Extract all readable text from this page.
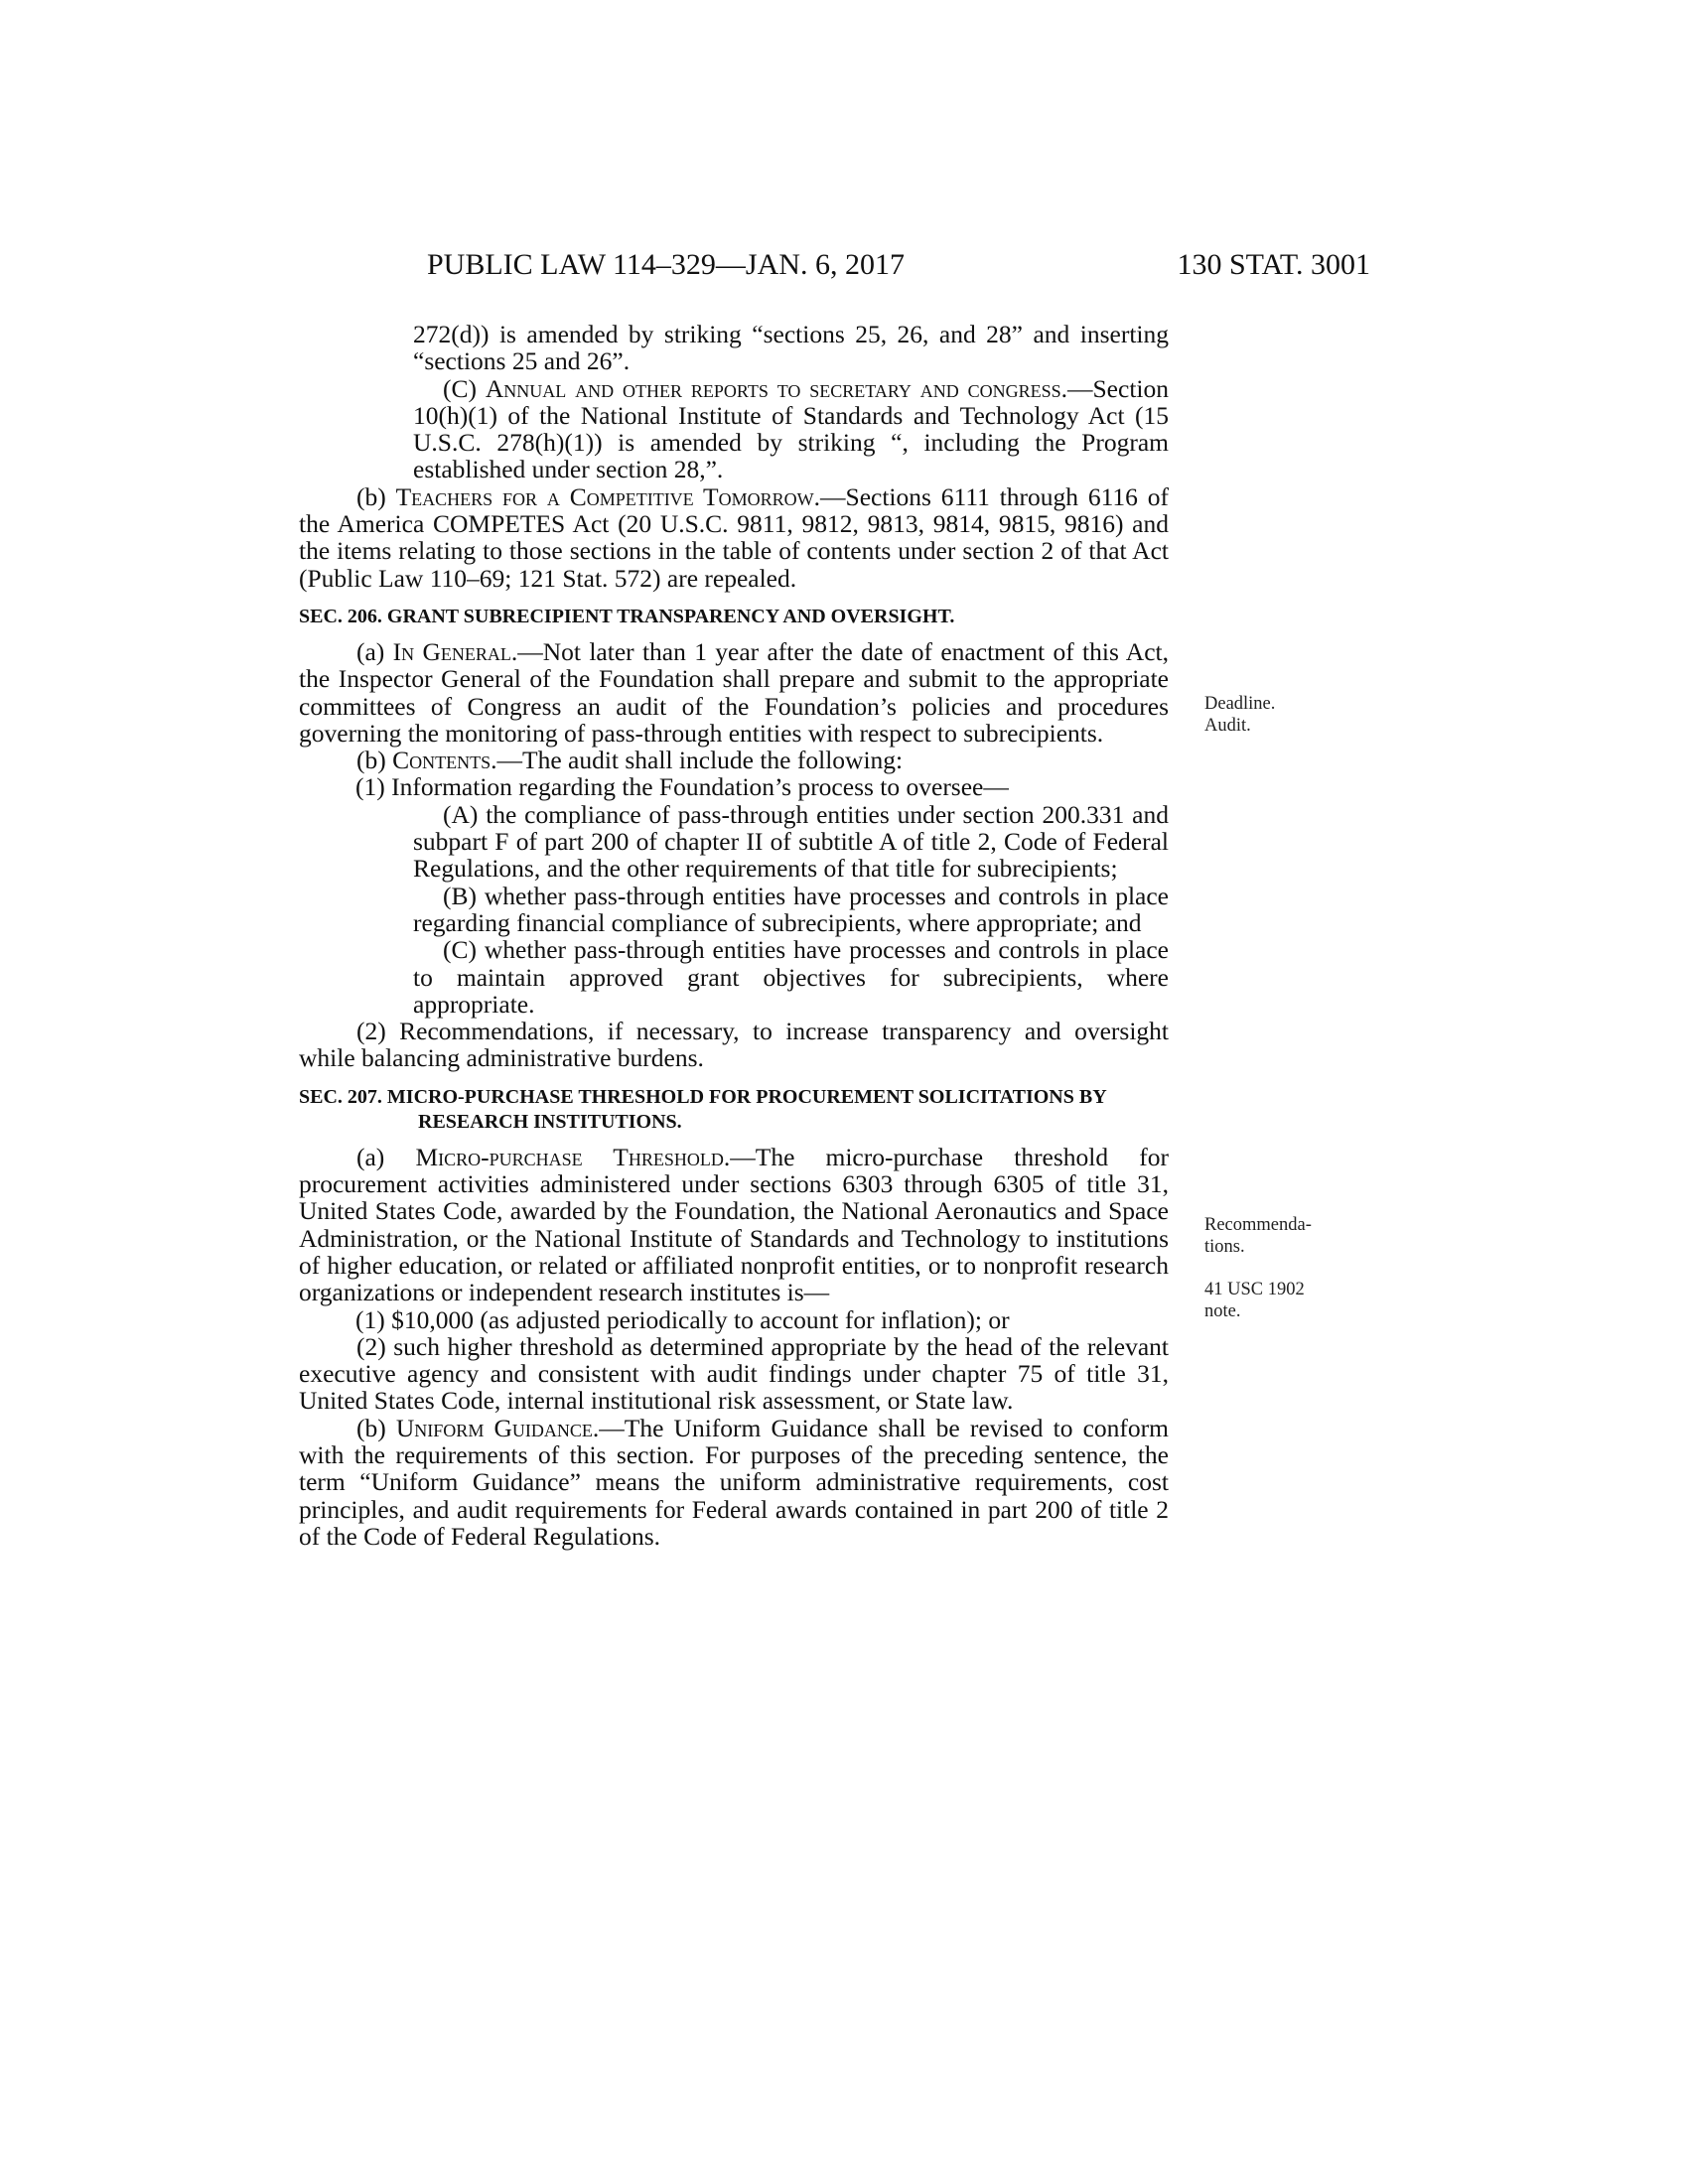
PUBLIC LAW 114–329—JAN. 6, 2017	130 STAT. 3001

272(d)) is amended by striking “sections 25, 26, and 28” and inserting “sections 25 and 26”.

(C) Annual and other reports to secretary and congress.—Section 10(h)(1) of the National Institute of Standards and Technology Act (15 U.S.C. 278(h)(1)) is amended by striking “, including the Program established under section 28,”.

(b) Teachers for a Competitive Tomorrow.—Sections 6111 through 6116 of the America COMPETES Act (20 U.S.C. 9811, 9812, 9813, 9814, 9815, 9816) and the items relating to those sections in the table of contents under section 2 of that Act (Public Law 110–69; 121 Stat. 572) are repealed.

SEC. 206. GRANT SUBRECIPIENT TRANSPARENCY AND OVERSIGHT.

(a) In General.—Not later than 1 year after the date of enactment of this Act, the Inspector General of the Foundation shall prepare and submit to the appropriate committees of Congress an audit of the Foundation’s policies and procedures governing the monitoring of pass-through entities with respect to subrecipients.

(b) Contents.—The audit shall include the following:

(1) Information regarding the Foundation’s process to oversee—

(A) the compliance of pass-through entities under section 200.331 and subpart F of part 200 of chapter II of subtitle A of title 2, Code of Federal Regulations, and the other requirements of that title for subrecipients;

(B) whether pass-through entities have processes and controls in place regarding financial compliance of subrecipients, where appropriate; and

(C) whether pass-through entities have processes and controls in place to maintain approved grant objectives for subrecipients, where appropriate.

(2) Recommendations, if necessary, to increase transparency and oversight while balancing administrative burdens.

SEC. 207. MICRO-PURCHASE THRESHOLD FOR PROCUREMENT SOLICITATIONS BY RESEARCH INSTITUTIONS.

(a) Micro-purchase Threshold.—The micro-purchase threshold for procurement activities administered under sections 6303 through 6305 of title 31, United States Code, awarded by the Foundation, the National Aeronautics and Space Administration, or the National Institute of Standards and Technology to institutions of higher education, or related or affiliated nonprofit entities, or to nonprofit research organizations or independent research institutes is—

(1) $10,000 (as adjusted periodically to account for inflation); or

(2) such higher threshold as determined appropriate by the head of the relevant executive agency and consistent with audit findings under chapter 75 of title 31, United States Code, internal institutional risk assessment, or State law.

(b) Uniform Guidance.—The Uniform Guidance shall be revised to conform with the requirements of this section. For purposes of the preceding sentence, the term “Uniform Guidance” means the uniform administrative requirements, cost principles, and audit requirements for Federal awards contained in part 200 of title 2 of the Code of Federal Regulations.

Deadline.
Audit.
Recommenda-tions.
41 USC 1902
note.
